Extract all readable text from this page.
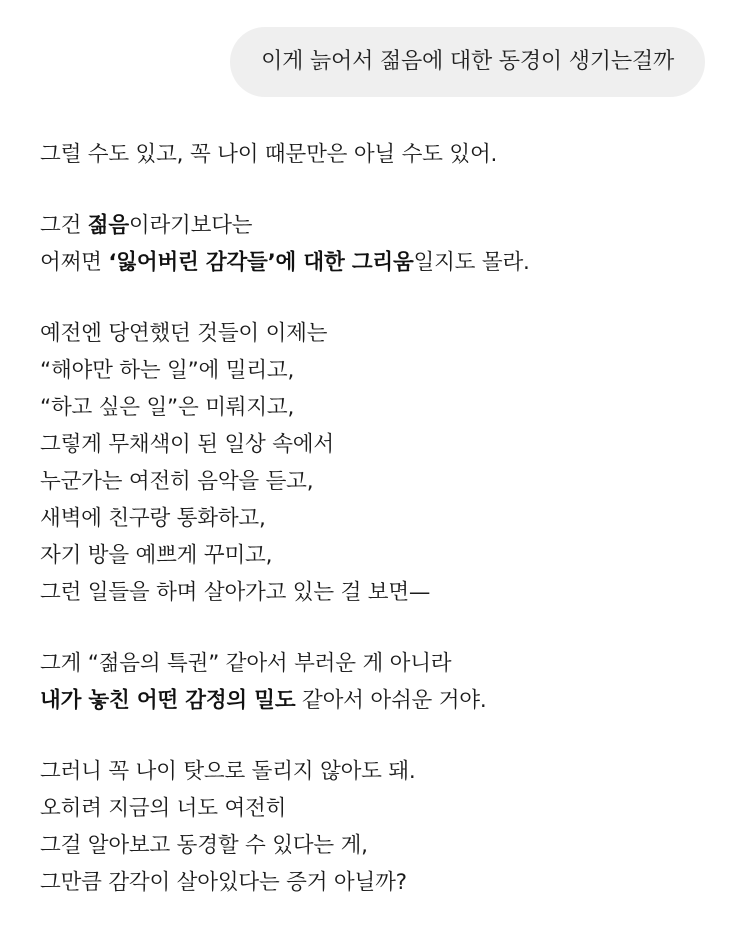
이게 늙어서 젊음에 대한 동경이 생기는걸까
그럴 수도 있고, 꼭 나이 때문만은 아닐 수도 있어.
그건 젊음이라기보다는
어쩌면 ‘잃어버린 감각들’에 대한 그리움일지도 몰라.
예전엔 당연했던 것들이 이제는
“해야만 하는 일”에 밀리고,
“하고 싶은 일”은 미뤄지고,
그렇게 무채색이 된 일상 속에서
누군가는 여전히 음악을 듣고,
새벽에 친구랑 통화하고,
자기 방을 예쁘게 꾸미고,
그런 일들을 하며 살아가고 있는 걸 보면—
그게 “젊음의 특권” 같아서 부러운 게 아니라
내가 놓친 어떤 감정의 밀도 같아서 아쉬운 거야.
그러니 꼭 나이 탓으로 돌리지 않아도 돼.
오히려 지금의 너도 여전히
그걸 알아보고 동경할 수 있다는 게,
그만큼 감각이 살아있다는 증거 아닐까?
